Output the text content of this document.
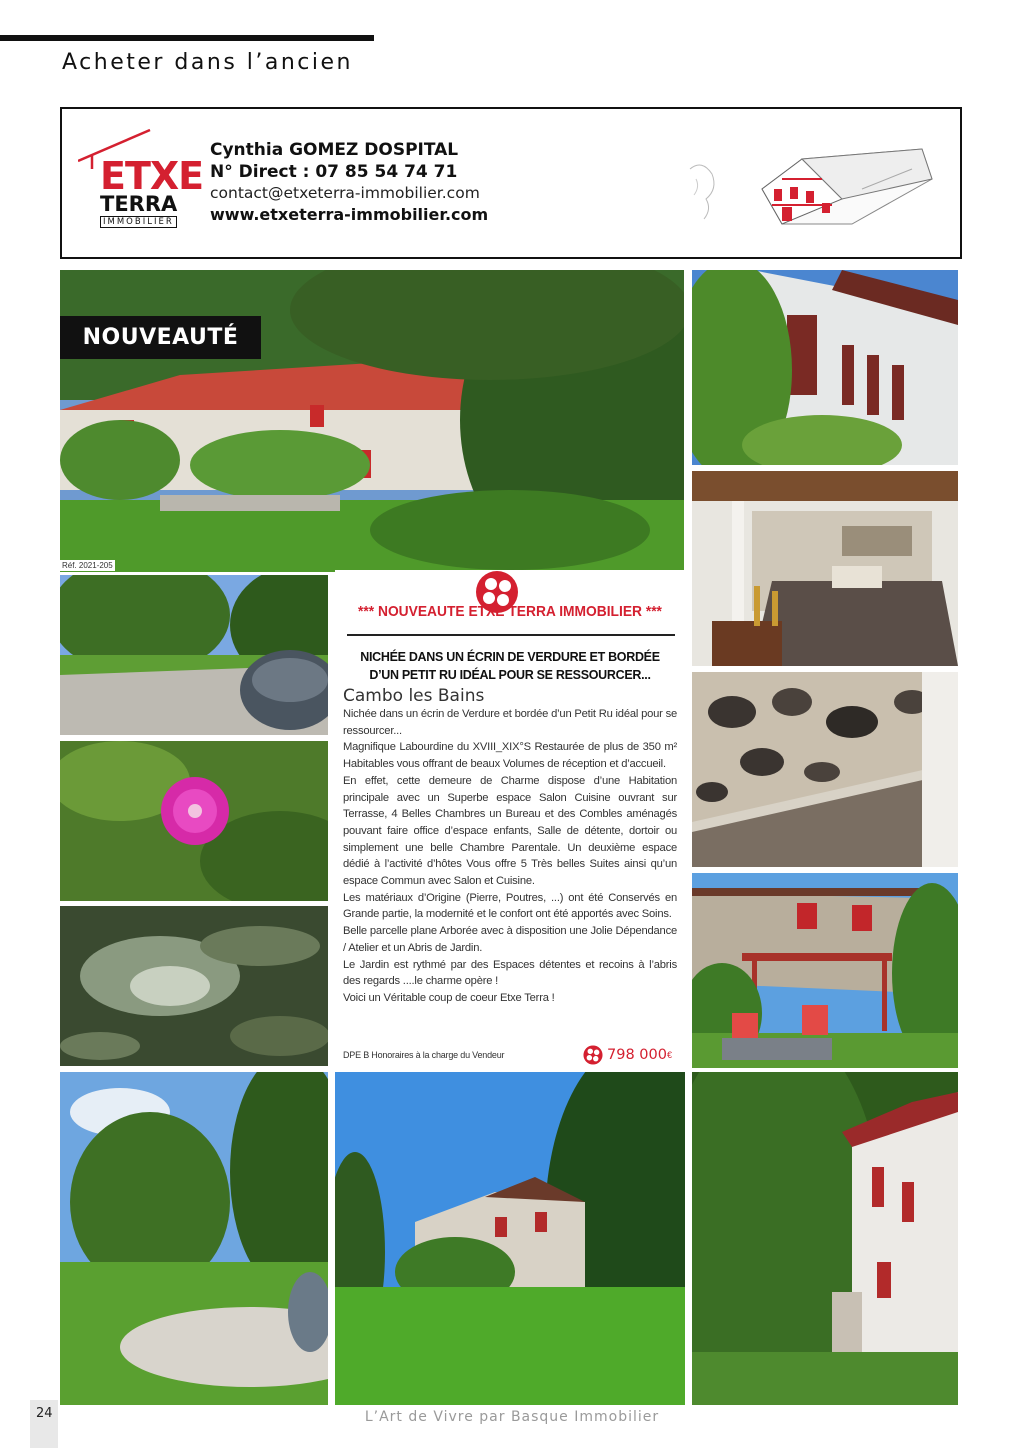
Acheter dans l’ancien
ETXE
TERRA
IMMOBILIER
Cynthia GOMEZ DOSPITAL
N° Direct : 07 85 54 74 71
contact@etxeterra-immobilier.com
www.etxeterra-immobilier.com
NOUVEAUTÉ
Réf. 2021-205
*** NOUVEAUTE ETXE TERRA IMMOBILIER ***
NICHÉE DANS UN ÉCRIN DE VERDURE ET BORDÉE
D’UN PETIT RU IDÉAL POUR SE RESSOURCER...
Cambo les Bains

Nichée dans un écrin de Verdure et bordée d’un Petit Ru idéal pour se ressourcer...

Magnifique Labourdine du XVIII_XIX°S Restaurée de plus de 350 m² Habitables vous offrant de beaux Volumes de réception et d’accueil.

En effet, cette demeure de Charme dispose d’une Habitation principale avec un Superbe espace Salon Cuisine ouvrant sur Terrasse, 4 Belles Chambres un Bureau et des Combles aménagés pouvant faire office d’espace enfants, Salle de détente, dortoir ou simplement une belle Chambre Parentale. Un deuxième espace dédié à l’activité d’hôtes Vous offre 5 Très belles Suites ainsi qu’un espace Commun avec Salon et Cuisine.

Les matériaux d’Origine (Pierre, Poutres, ...) ont été Conservés en Grande partie, la modernité et le confort ont été apportés avec Soins.

Belle parcelle plane Arborée avec à disposition une Jolie Dépendance / Atelier et un Abris de Jardin.

Le Jardin est rythmé par des Espaces détentes et recoins à l’abris des regards ....le charme opère !

Voici un Véritable coup de coeur Etxe Terra !

DPE B Honoraires à la charge du Vendeur	798 000 €
24	L’Art de Vivre par Basque Immobilier
